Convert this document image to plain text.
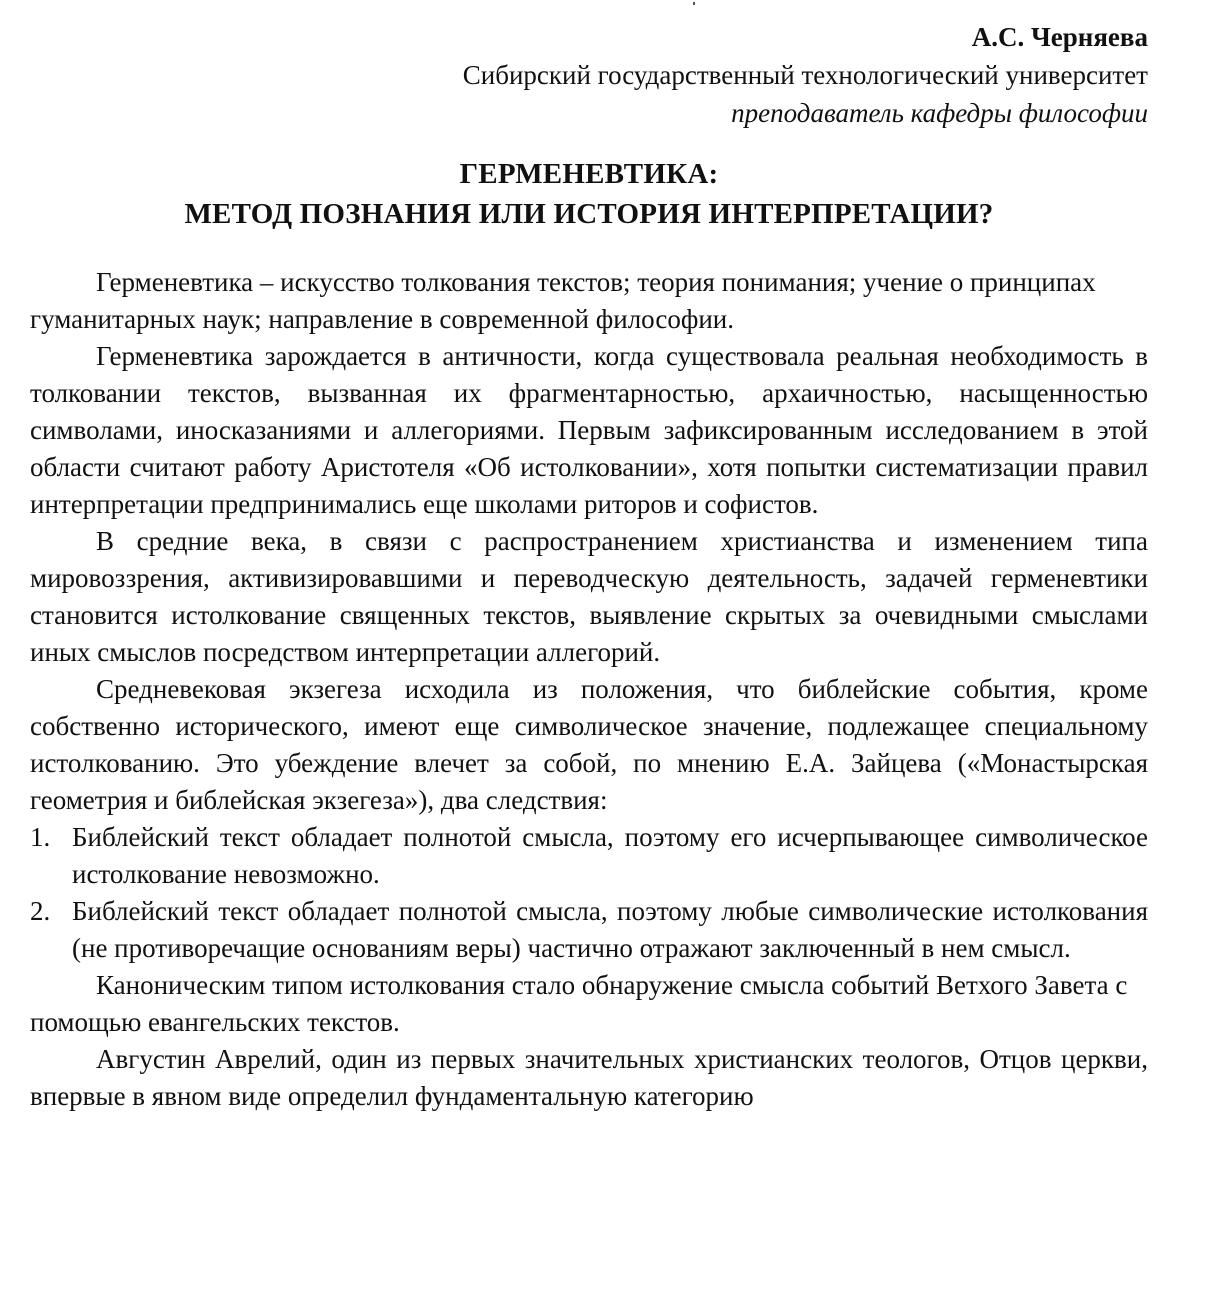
А.С. Черняева
Сибирский государственный технологический университет
преподаватель кафедры философии
ГЕРМЕНЕВТИКА:
МЕТОД ПОЗНАНИЯ ИЛИ ИСТОРИЯ ИНТЕРПРЕТАЦИИ?

Герменевтика – искусство толкования текстов; теория понимания; учение о принципах гуманитарных наук; направление в современной философии.

Герменевтика зарождается в античности, когда существовала реальная необходимость в толковании текстов, вызванная их фрагментарностью, архаичностью, насыщенностью символами, иносказаниями и аллегориями. Первым зафиксированным исследованием в этой области считают работу Аристотеля «Об истолковании», хотя попытки систематизации правил интерпретации предпринимались еще школами риторов и софистов.

В средние века, в связи с распространением христианства и изменением типа мировоззрения, активизировавшими и переводческую деятельность, задачей герменевтики становится истолкование священных текстов, выявление скрытых за очевидными смыслами иных смыслов посредством интерпретации аллегорий.

Средневековая экзегеза исходила из положения, что библейские события, кроме собственно исторического, имеют еще символическое значение, подлежащее специальному истолкованию. Это убеждение влечет за собой, по мнению Е.А. Зайцева («Монастырская геометрия и библейская экзегеза»), два следствия:

1. Библейский текст обладает полнотой смысла, поэтому его исчерпывающее символическое истолкование невозможно.
2. Библейский текст обладает полнотой смысла, поэтому любые символические истолкования (не противоречащие основаниям веры) частично отражают заключенный в нем смысл.

Каноническим типом истолкования стало обнаружение смысла событий Ветхого Завета с помощью евангельских текстов.

Августин Аврелий, один из первых значительных христианских теологов, Отцов церкви, впервые в явном виде определил фундаментальную категорию
